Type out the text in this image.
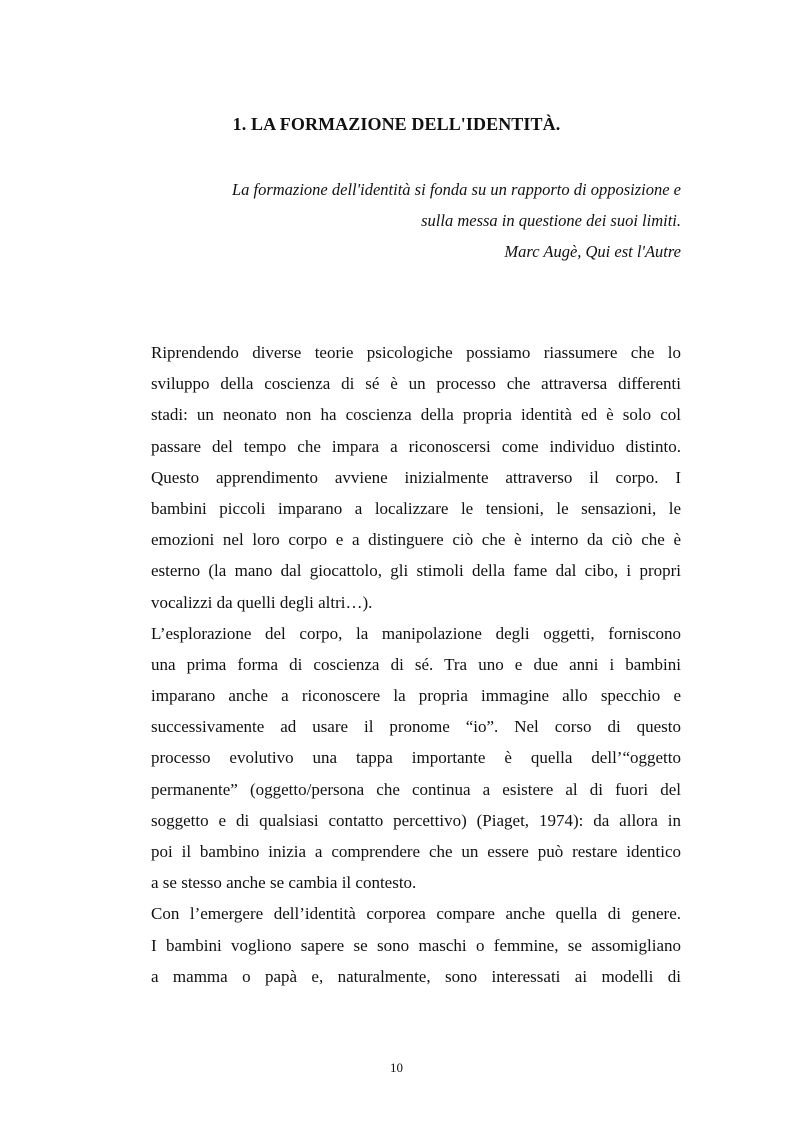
1. LA FORMAZIONE DELL'IDENTITÀ.
La formazione dell'identità si fonda su un rapporto di opposizione e
sulla messa in questione dei suoi limiti.
Marc Augè, Qui est l'Autre
Riprendendo diverse teorie psicologiche possiamo riassumere che lo
sviluppo della coscienza di sé è un processo che attraversa differenti
stadi: un neonato non ha coscienza della propria identità ed è solo col
passare del tempo che impara a riconoscersi come individuo distinto.
Questo apprendimento avviene inizialmente attraverso il corpo. I
bambini piccoli imparano a localizzare le tensioni, le sensazioni, le
emozioni nel loro corpo e a distinguere ciò che è interno da ciò che è
esterno (la mano dal giocattolo, gli stimoli della fame dal cibo, i propri
vocalizzi da quelli degli altri…).
L’esplorazione del corpo, la manipolazione degli oggetti, forniscono
una prima forma di coscienza di sé. Tra uno e due anni i bambini
imparano anche a riconoscere la propria immagine allo specchio e
successivamente ad usare il pronome “io”. Nel corso di questo
processo evolutivo una tappa importante è quella dell’“oggetto
permanente” (oggetto/persona che continua a esistere al di fuori del
soggetto e di qualsiasi contatto percettivo) (Piaget, 1974): da allora in
poi il bambino inizia a comprendere che un essere può restare identico
a se stesso anche se cambia il contesto.
Con l’emergere dell’identità corporea compare anche quella di genere.
I bambini vogliono sapere se sono maschi o femmine, se assomigliano
a mamma o papà e, naturalmente, sono interessati ai modelli di
10
